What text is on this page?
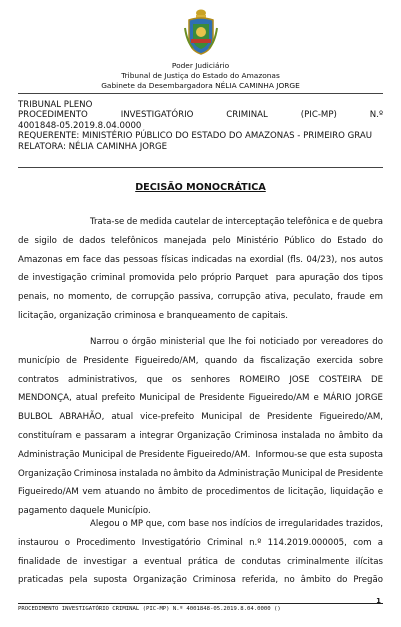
Poder Judiciário
Tribunal de Justiça do Estado do Amazonas
Gabinete da Desembargadora NÉLIA CAMINHA JORGE
TRIBUNAL PLENO
PROCEDIMENTO	INVESTIGATÓRIO	CRIMINAL	(PIC-MP)	N.º
4001848-05.2019.8.04.0000
REQUERENTE: MINISTÉRIO PÚBLICO DO ESTADO DO AMAZONAS - PRIMEIRO GRAU
RELATORA: NÉLIA CAMINHA JORGE
DECISÃO MONOCRÁTICA
Trata-se de medida cautelar de interceptação telefônica e de quebra
de sigilo de dados telefônicos manejada pelo Ministério Público do Estado do
Amazonas em face das pessoas físicas indicadas na exordial (fls. 04/23), nos autos
de investigação criminal promovida pelo próprio Parquet  para apuração dos tipos
penais, no momento, de corrupção passiva, corrupção ativa, peculato, fraude em
licitação, organização criminosa e branqueamento de capitais.
Narrou o órgão ministerial que lhe foi noticiado por vereadores do
município de Presidente Figueiredo/AM, quando da fiscalização exercida sobre
contratos administrativos, que os senhores ROMEIRO JOSE COSTEIRA DE
MENDONÇA, atual prefeito Municipal de Presidente Figueiredo/AM e MÁRIO JORGE
BULBOL ABRAHÃO, atual vice-prefeito Municipal de Presidente Figueiredo/AM,
constituíram e passaram a integrar Organização Criminosa instalada no âmbito da
Administração Municipal de Presidente Figueiredo/AM.  Informou-se que esta suposta
Organização Criminosa instalada no âmbito da Administração Municipal de Presidente
Figueiredo/AM vem atuando no âmbito de procedimentos de licitação, liquidação e
pagamento daquele Município.
Alegou o MP que, com base nos indícios de irregularidades trazidos,
instaurou o Procedimento Investigatório Criminal n.º 114.2019.000005, com a
finalidade de investigar a eventual prática de condutas criminalmente ilícitas
praticadas pela suposta Organização Criminosa referida, no âmbito do Pregão
1
PROCEDIMENTO INVESTIGATÓRIO CRIMINAL (PIC-MP) N.º 4001848-05.2019.8.04.0000 ()
